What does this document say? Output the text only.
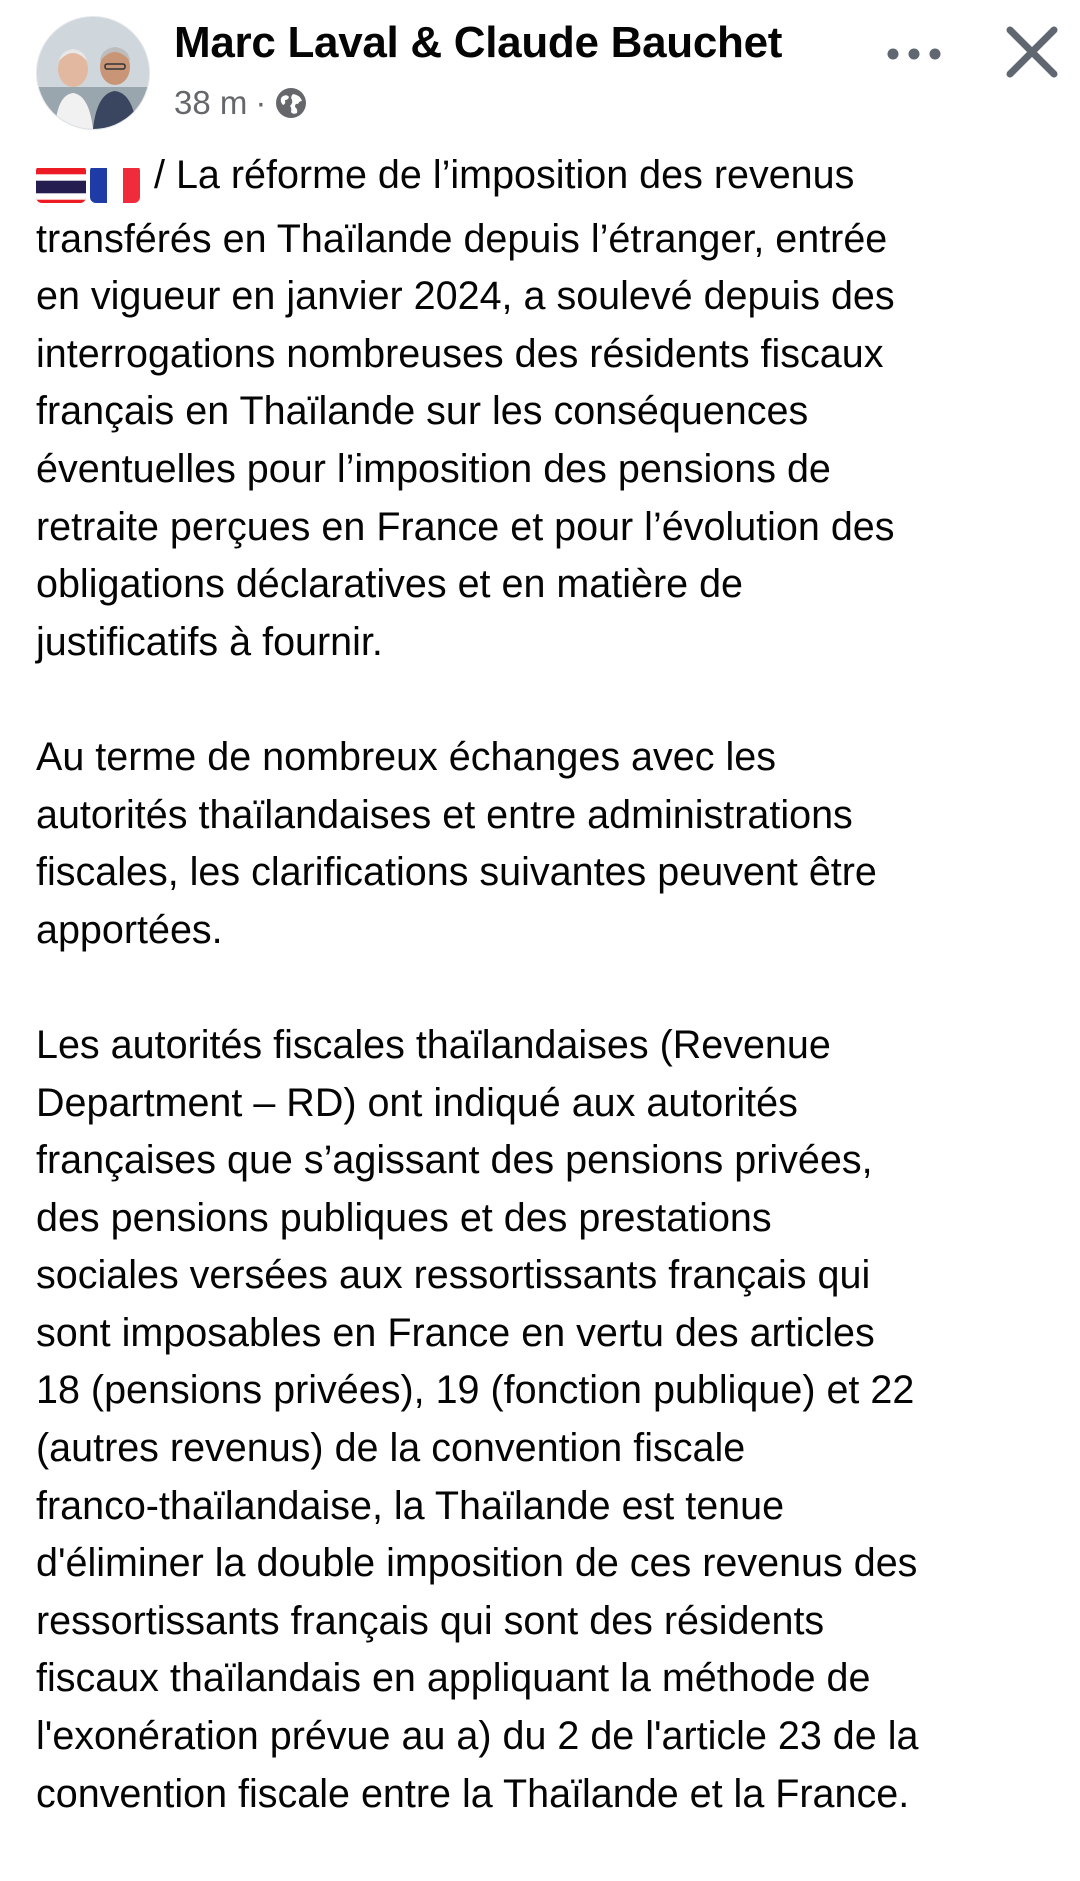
Marc Laval & Claude Bauchet
38 m ·
/ La réforme de l’imposition des revenus
transférés en Thaïlande depuis l’étranger, entrée
en vigueur en janvier 2024, a soulevé depuis des
interrogations nombreuses des résidents fiscaux
français en Thaïlande sur les conséquences
éventuelles pour l’imposition des pensions de
retraite perçues en France et pour l’évolution des
obligations déclaratives et en matière de
justificatifs à fournir.
Au terme de nombreux échanges avec les
autorités thaïlandaises et entre administrations
fiscales, les clarifications suivantes peuvent être
apportées.
Les autorités fiscales thaïlandaises (Revenue
Department – RD) ont indiqué aux autorités
françaises que s’agissant des pensions privées,
des pensions publiques et des prestations
sociales versées aux ressortissants français qui
sont imposables en France en vertu des articles
18 (pensions privées), 19 (fonction publique) et 22
(autres revenus) de la convention fiscale
franco-thaïlandaise, la Thaïlande est tenue
d'éliminer la double imposition de ces revenus des
ressortissants français qui sont des résidents
fiscaux thaïlandais en appliquant la méthode de
l'exonération prévue au a) du 2 de l'article 23 de la
convention fiscale entre la Thaïlande et la France.
